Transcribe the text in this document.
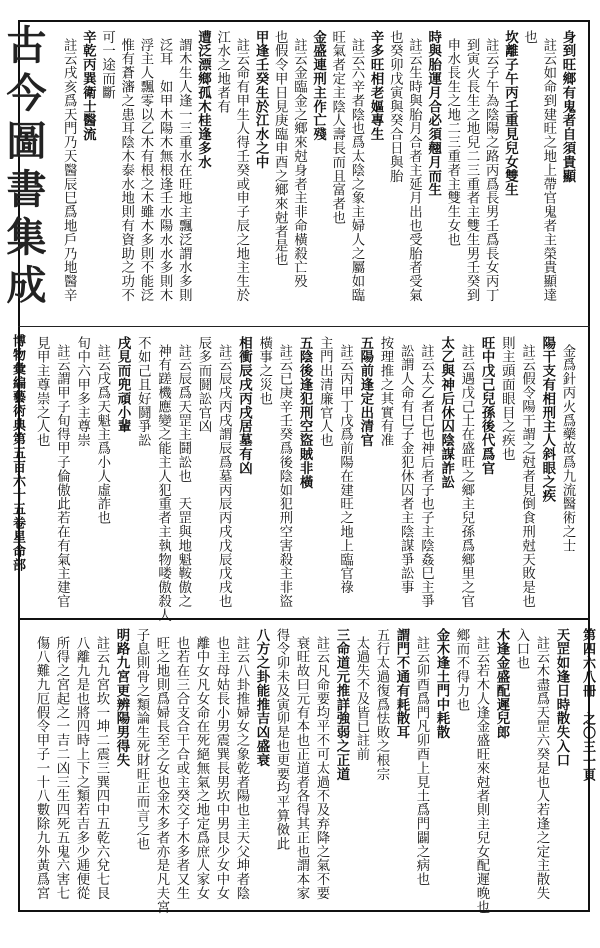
古今圖書集成
博物彙編藝術典第五百六十五卷星命部
第四六八冊　之〇三一頁
身到旺鄉有鬼者自須貴顯
註云如命到建旺之地上帶官鬼者主榮貴顯達
也
坎離子午丙壬重見兒女雙生
註云子午為陰陽之路丙爲長男壬爲長女丙丁
到寅火長生之地兒二三重者主雙生男壬癸到
申水長生之地二三重者主雙生女也
時與胎運月合必須翹月而生
註云生時與胎月合者主延月出也受胎者受氣
也癸卯戊寅與癸合日與胎
辛多旺相老嫗專生
註云六辛者陰也爲太陰之象主婦人之屬如臨
旺氣者定主陰人壽長而且富者也
金盛連刑主作亡殘
註云金臨金之鄉來尅身者主非命橫殺亡殁
也假令甲日見庚臨申酉之鄉來尅者是也
甲逢壬癸生於江水之中
註云命有甲生人得壬癸或申子辰之地主生於
江水之地者有
遭泛漂鄉孤木桂逢多水
謂木生人逢一三重水在旺地主飄泛謂水多則
泛耳　如甲木陽木無根逢壬水陽水水多則木
浮主人飄零以乙木有根之木雖木多則不能泛
惟有蒼瀋之患耳陰木泰水地則有資助之功不
可一途而斷
辛乾丙巽衛士醫流
註云戌亥爲天門乃天醫辰巳爲地戶乃地醫辛
金爲針丙火爲藥故爲九流醫術之士
陽干支有相刑主人斜眼之疾
註云假令陽干謂之尅者見倒食刑尅天敗是也
則主頭面眼目之疾也
旺中戊己兒孫後代爲官
註云遇戊己土在盛旺之鄉主兒孫爲鄉里之官
太乙與神后休囚陰謀詐訟
註云太乙者巳也神后者子也子主陰姦巳主爭
訟謂人命有巳子金犯休囚者主陰謀爭訟事
按理推之其實有准
五陽前逢定出清官
註云丙甲丁戊爲前陽在建旺之地上臨官祿
主門出清廉官人也
五陰後逢犯刑空盜賊非橫
註云已庚辛壬癸爲後陰如犯刑空害殺主非盜
橫事之災也
相衝辰戌丙戌居墓有凶
註云辰戌丙戌謂辰爲墓丙辰丙戌戊辰戊戌也
辰多而鬪訟官凶
註云辰爲天罡主鬪訟也　天罡與地魁鞍傲之
神有蹉機應變之能主人犯重者主執物喽傲殺人
不如己且好鬪爭訟
戌見而兜頑小輩
註云戌爲天魁主爲小人虛詐也
旬中六甲多主尊崇
註云謂甲子旬得甲子倫傲此若在有氣主建官
見甲主尊崇之人也
天罡如逢日時散失入口
註云木盡爲天罡六癸是也人若逢之定主散失
入口也
木逢金盛配遲兒郎
註云若木人逢金盛旺來尅者則主兒女配遲晚也
鄉而不得力也
金木逢土門中耗散
註云卯酉爲門凡卯酉上見土爲門闢之病也
謂門不通有耗散耳
五行太過復爲怯敗之根宗
太過失不及皆已註前
三命道元推詳強弱之正道
註云凡命要均平不可太過不及弃降之氣不要
衰旺故曰元有本也正道者各得其正也謂本家
得令卯未及寅卯是也更要均平算傚此
八方之卦能推吉凶盛衰
註云八卦推婦女之象乾者陽也主天父坤者陰
也主母姑長小男震巽長男坎中男艮少女中女
離中女凡女命在死絕無氣之地定爲庶人家女
也若在三合支合干合或主癸交子木多者又生
旺之地則爲婦長至之女也金木多者亦是凡夫宮
子息則骨之類論生死財旺正而言之也
明路九宮更辨陽男得失
註云九宮坎一坤二震三巽四中五乾六兌七艮
八離九是也將四時上下之類若吉多少逓便從
所得之宮起之一吉二凶三生四死五鬼六害七
傷八難九厄假令甲子一十八數除九外黃爲宮
